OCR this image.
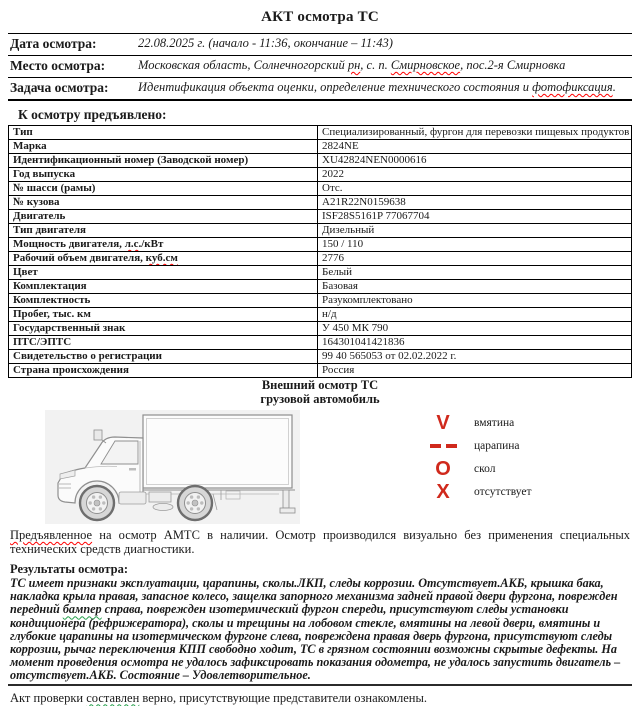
АКТ осмотра ТС
Дата осмотра:	22.08.2025 г. (начало - 11:36, окончание – 11:43)
Место осмотра:	Московская область, Солнечногорский рн, с. п. Смирновское, пос.2-я Смирновка
Задача осмотра:	Идентификация объекта оценки, определение технического состояния и фотофиксация.
К осмотру предъявлено:
Тип	Специализированный, фургон для перевозки пищевых продуктов
Марка	2824NE
Идентификационный номер (Заводской номер)	XU42824NEN0000616
Год выпуска	2022
№ шасси (рамы)	Отс.
№ кузова	A21R22N0159638
Двигатель	ISF28S5161P 77067704
Тип двигателя	Дизельный
Мощность двигателя, л.с./кВт	150 / 110
Рабочий объем двигателя, куб.см	2776
Цвет	Белый
Комплектация	Базовая
Комплектность	Разукомплектовано
Пробег, тыс. км	н/д
Государственный знак	У 450 МК 790
ПТС/ЭПТС	164301041421836
Свидетельство о регистрации	99 40 565053 от 02.02.2022 г.
Страна происхождения	Россия
Внешний осмотр ТС
грузовой автомобиль
V	вмятина
царапина
O	скол
X	отсутствует
Предъявленное на осмотр АМТС в наличии. Осмотр производился визуально без применения специальных технических средств диагностики.
Результаты осмотра:
ТС имеет признаки эксплуатации, царапины, сколы.ЛКП, следы коррозии. Отсутствует.АКБ, крышка бака, накладка крыла правая, запасное колесо, защелка запорного механизма задней правой двери фургона, поврежден передний бампер справа, поврежден изотермический фургон спереди, присутствуют следы установки кондиционера (рефрижератора), сколы и трещины на лобовом стекле, вмятины на левой двери, вмятины и глубокие царапины на изотермическом фургоне слева, повреждена правая дверь фургона, присутствуют следы коррозии, рычаг переключения КПП свободно ходит, ТС в грязном состоянии возможны скрытые дефекты. На момент проведения осмотра не удалось зафиксировать показания одометра, не удалось запустить двигатель – отсутствует.АКБ. Состояние – Удовлетворительное.
Акт проверки составлен верно, присутствующие представители ознакомлены.
